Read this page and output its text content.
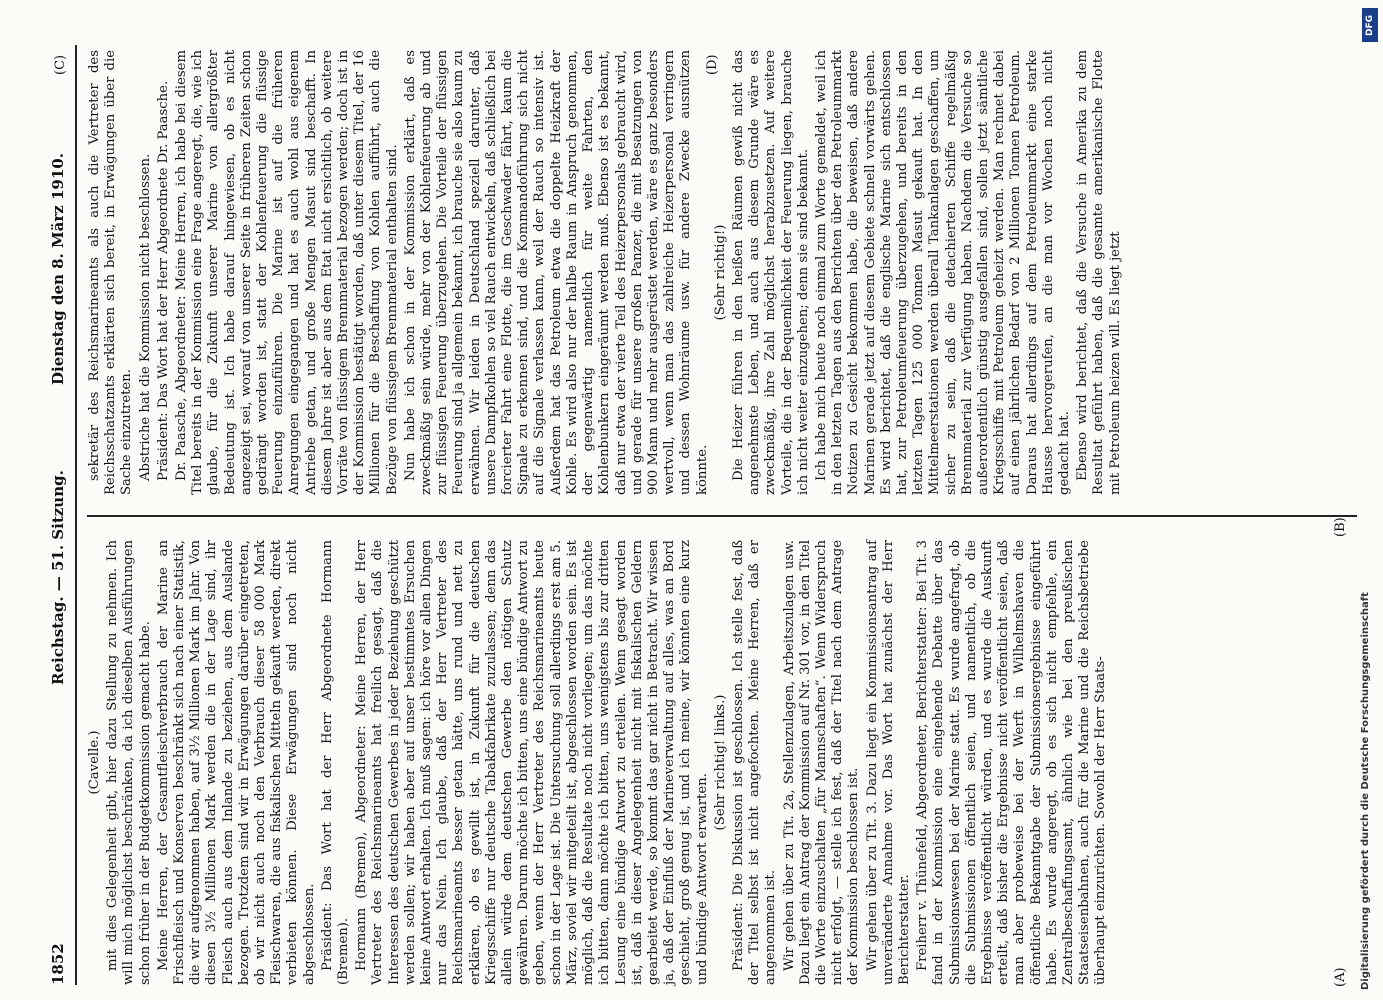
1852
Reichstag. — 51. Sitzung.
Dienstag den 8. März 1910.

(Cavelle.) mit dies Gelegenheit gibt, hier dazu Stellung zu nehmen. Ich will mich möglichst beschränken, da ich dieselben Ausführungen schon früher in der Budgetkommission gemacht habe. Meine Herren, der Gesamtfleischverbrauch der Marine an Frischfleisch und Konserven beschränkt sich nach einer Statistik, die wir aufgenommen haben, auf 3½ Millionen Mark im Jahr. Von diesen 3½ Millionen Mark werden die in der Lage sind, ihr Fleisch auch aus dem Inlande zu beziehen, aus dem Auslande bezogen. Trotzdem sind wir in Erwägungen darüber eingetreten, ob wir nicht auch noch den Verbrauch dieser 58 000 Mark Fleischwaren, die aus fiskalischen Mitteln gekauft werden, direkt verbieten können. Diese Erwägungen sind noch nicht abgeschlossen. Präsident: Das Wort hat der Herr Abgeordnete Hormann (Bremen). Hormann (Bremen), Abgeordneter: Meine Herren, der Herr Vertreter des Reichsmarineamts hat freilich gesagt, daß die Interessen des deutschen Gewerbes in jeder Beziehung geschützt werden sollen; wir haben aber auf unser bestimmtes Ersuchen keine Antwort erhalten. Ich muß sagen: ich höre vor allen Dingen nur das Nein. Ich glaube, daß der Herr Vertreter des Reichsmarineamts besser getan hätte, uns rund und nett zu erklären, ob es gewillt ist, in Zukunft für die deutschen Kriegsschiffe nur deutsche Tabakfabrikate zuzulassen; denn das allein würde dem deutschen Gewerbe den nötigen Schutz gewähren. Darum möchte ich bitten, uns eine bündige Antwort zu geben, wenn der Herr Vertreter des Reichsmarineamts heute schon in der Lage ist. Die Untersuchung soll allerdings erst am 5. März, soviel wir mitgeteilt ist, abgeschlossen worden sein. Es ist möglich, daß die Resultate noch nicht vorliegen; um das möchte ich bitten, dann möchte ich bitten, uns wenigstens bis zur dritten Lesung eine bündige Antwort zu erteilen. Wenn gesagt worden ist, daß in dieser Angelegenheit nicht mit fiskalischen Geldern gearbeitet werde, so kommt das gar nicht in Betracht. Wir wissen ja, daß der Einfluß der Marineverwaltung auf alles, was an Bord geschieht, groß genug ist, und ich meine, wir könnten eine kurz und bündige Antwort erwarten.

(Sehr richtig! links.) Präsident: Die Diskussion ist geschlossen. Ich stelle fest, daß der Titel selbst ist nicht angefochten. Meine Herren, daß er angenommen ist. Wir gehen über zu Tit. 2a, Stellenzulagen, Arbeitszulagen usw. Dazu liegt ein Antrag der Kommission auf Nr. 301 vor, in den Titel die Worte einzuschalten „für Mannschaften“. Wenn Widerspruch nicht erfolgt, — stelle ich fest, daß der Titel nach dem Antrage der Kommission beschlossen ist. Wir gehen über zu Tit. 3. Dazu liegt ein Kommissionsantrag auf unveränderte Annahme vor. Das Wort hat zunächst der Herr Berichterstatter. Freiherr v. Thünefeld, Abgeordneter, Berichterstatter: Bei Tit. 3 fand in der Kommission eine eingehende Debatte über das Submissionswesen bei der Marine statt. Es wurde angefragt, ob die Submissionen öffentlich seien, und namentlich, ob die Ergebnisse veröffentlicht würden, und es wurde die Auskunft erteilt, daß bisher die Ergebnisse nicht veröffentlicht seien, daß man aber probeweise bei der Werft in Wilhelmshaven die öffentliche Bekanntgabe der Submissionsergebnisse eingeführt habe. Es wurde angeregt, ob es sich nicht empfehle, ein Zentralbeschaffungsamt, ähnlich wie bei den preußischen Staatseisenbahnen, auch für die Marine und die Reichsbetriebe überhaupt einzurichten. Sowohl der Herr Staats-

sekretär des Reichsmarineamts als auch die Vertreter des Reichsschatzamts erklärten sich bereit, in Erwägungen über die Sache einzutreten. Abstriche hat die Kommission nicht beschlossen. Präsident: Das Wort hat der Herr Abgeordnete Dr. Paasche. Dr. Paasche, Abgeordneter: Meine Herren, ich habe bei diesem Titel bereits in der Kommission eine Frage angeregt, die, wie ich glaube, für die Zukunft unserer Marine von allergrößter Bedeutung ist. Ich habe darauf hingewiesen, ob es nicht angezeigt sei, worauf von unserer Seite in früheren Zeiten schon gedrängt worden ist, statt der Kohlenfeuerung die flüssige Feuerung einzuführen. Die Marine ist auf die früheren Anregungen eingegangen und hat es auch wohl aus eigenem Antriebe getan, und große Mengen Masut sind beschafft. In diesem Jahre ist aber aus dem Etat nicht ersichtlich, ob weitere Vorräte von flüssigem Brennmaterial bezogen werden; doch ist in der Kommission bestätigt worden, daß unter diesem Titel, der 16 Millionen für die Beschaffung von Kohlen aufführt, auch die Bezüge von flüssigem Brennmaterial enthalten sind. Nun habe ich schon in der Kommission erklärt, daß es zweckmäßig sein würde, mehr von der Kohlenfeuerung ab und zur flüssigen Feuerung überzugehen. Die Vorteile der flüssigen Feuerung sind ja allgemein bekannt, ich brauche sie also kaum zu erwähnen. Wir leiden in Deutschland speziell darunter, daß unsere Dampfkohlen so viel Rauch entwickeln, daß schließlich bei forcierter Fahrt eine Flotte, die im Geschwader fährt, kaum die Signale zu erkennen sind, und die Kommandoführung sich nicht auf die Signale verlassen kann, weil der Rauch so intensiv ist. Außerdem hat das Petroleum etwa die doppelte Heizkraft der Kohle. Es wird also nur der halbe Raum in Anspruch genommen, der gegenwärtig namentlich für weite Fahrten, den Kohlenbunkern eingeräumt werden muß. Ebenso ist es bekannt, daß nur etwa der vierte Teil des Heizerpersonals gebraucht wird, und gerade für unsere großen Panzer, die mit Besatzungen von 900 Mann und mehr ausgerüstet werden, wäre es ganz besonders wertvoll, wenn man das zahlreiche Heizerpersonal verringern und dessen Wohnräume usw. für andere Zwecke ausnützen könnte.

(Sehr richtig!) Die Heizer führen in den heißen Räumen gewiß nicht das angenehmste Leben, und auch aus diesem Grunde wäre es zweckmäßig, ihre Zahl möglichst herabzusetzen. Auf weitere Vorteile, die in der Bequemlichkeit der Feuerung liegen, brauche ich nicht weiter einzugehen; denn sie sind bekannt. Ich habe mich heute noch einmal zum Worte gemeldet, weil ich in den letzten Tagen aus den Berichten über den Petroleummarkt Notizen zu Gesicht bekommen habe, die beweisen, daß andere Marinen gerade jetzt auf diesem Gebiete schnell vorwärts gehen. Es wird berichtet, daß die englische Marine sich entschlossen hat, zur Petroleumfeuerung überzugehen, und bereits in den letzten Tagen 125 000 Tonnen Masut gekauft hat. In den Mittelmeerstationen werden überall Tankanlagen geschaffen, um sicher zu sein, daß die detachierten Schiffe regelmäßig Brennmaterial zur Verfügung haben. Nachdem die Versuche so außerordentlich günstig ausgefallen sind, sollen jetzt sämtliche Kriegsschiffe mit Petroleum geheizt werden. Man rechnet dabei auf einen jährlichen Bedarf von 2 Millionen Tonnen Petroleum. Daraus hat allerdings auf dem Petroleummarkt eine starke Hausse hervorgerufen, an die man vor Wochen noch nicht gedacht hat. Ebenso wird berichtet, daß die Versuche in Amerika zu dem Resultat geführt haben, daß die gesamte amerikanische Flotte mit Petroleum heizen will. Es liegt jetzt

(A)
(B)
(C)	(D)
DFG
Digitalisierung gefördert durch die Deutsche Forschungsgemeinschaft
